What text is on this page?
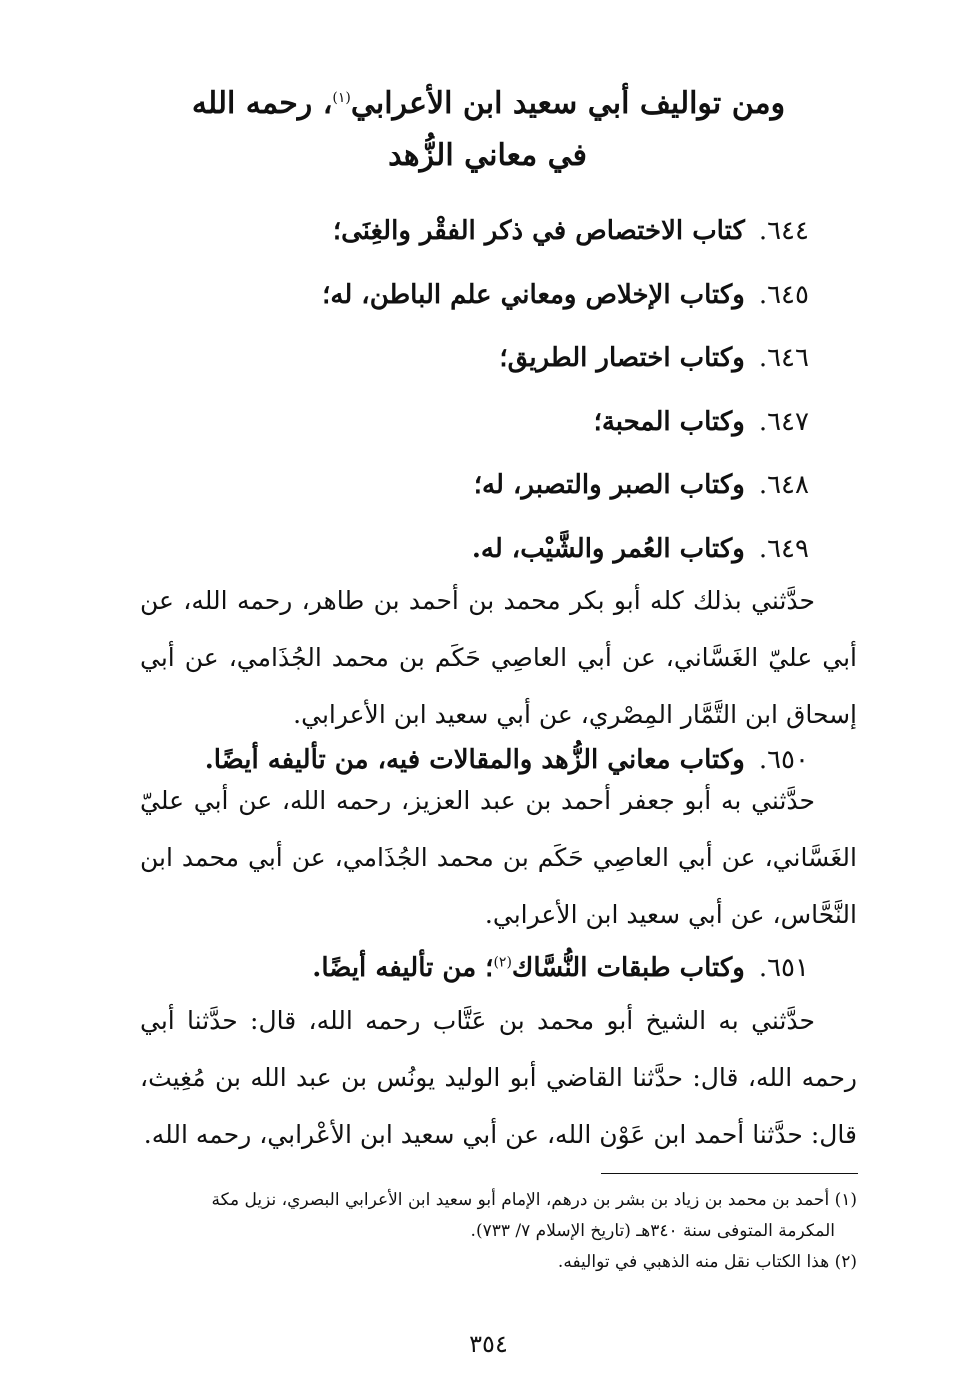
ومن تواليف أبي سعيد ابن الأعرابي$^{(١)}$، رحمه الله
في معاني الزُّهد
٦٤٤.كتاب الاختصاص في ذكر الفقْر والغِنَى؛
٦٤٥.وكتاب الإخلاص ومعاني علم الباطن، له؛
٦٤٦.وكتاب اختصار الطريق؛
٦٤٧.وكتاب المحبة؛
٦٤٨.وكتاب الصبر والتصبر، له؛
٦٤٩.وكتاب العُمر والشَّيْب، له.
حدَّثني بذلك كله أبو بكر محمد بن أحمد بن طاهر، رحمه الله، عن أبي عليّ الغَسَّاني، عن أبي العاصِي حَكَم بن محمد الجُذَامي، عن أبي إسحاق ابن التَّمَّار المِصْري، عن أبي سعيد ابن الأعرابي.
٦٥٠.وكتاب معاني الزُّهد والمقالات فيه، من تأليفه أيضًا.
حدَّثني به أبو جعفر أحمد بن عبد العزيز، رحمه الله، عن أبي عليّ الغَسَّاني، عن أبي العاصِي حَكَم بن محمد الجُذَامي، عن أبي محمد ابن النَّحَّاس، عن أبي سعيد ابن الأعرابي.
٦٥١.وكتاب طبقات النُّسَّاك$^{(٢)}$؛ من تأليفه أيضًا.
حدَّثني به الشيخ أبو محمد بن عَتَّاب رحمه الله، قال: حدَّثنا أبي رحمه الله، قال: حدَّثنا القاضي أبو الوليد يونُس بن عبد الله بن مُغِيث، قال: حدَّثنا أحمد ابن عَوْن الله، عن أبي سعيد ابن الأعْرابي، رحمه الله.
(١) أحمد بن محمد بن زياد بن بشر بن درهم، الإمام أبو سعيد ابن الأعرابي البصري، نزيل مكة
المكرمة المتوفى سنة ٣٤٠هـ (تاريخ الإسلام ٧/ ٧٣٣).
(٢) هذا الكتاب نقل منه الذهبي في تواليفه.
٣٥٤
